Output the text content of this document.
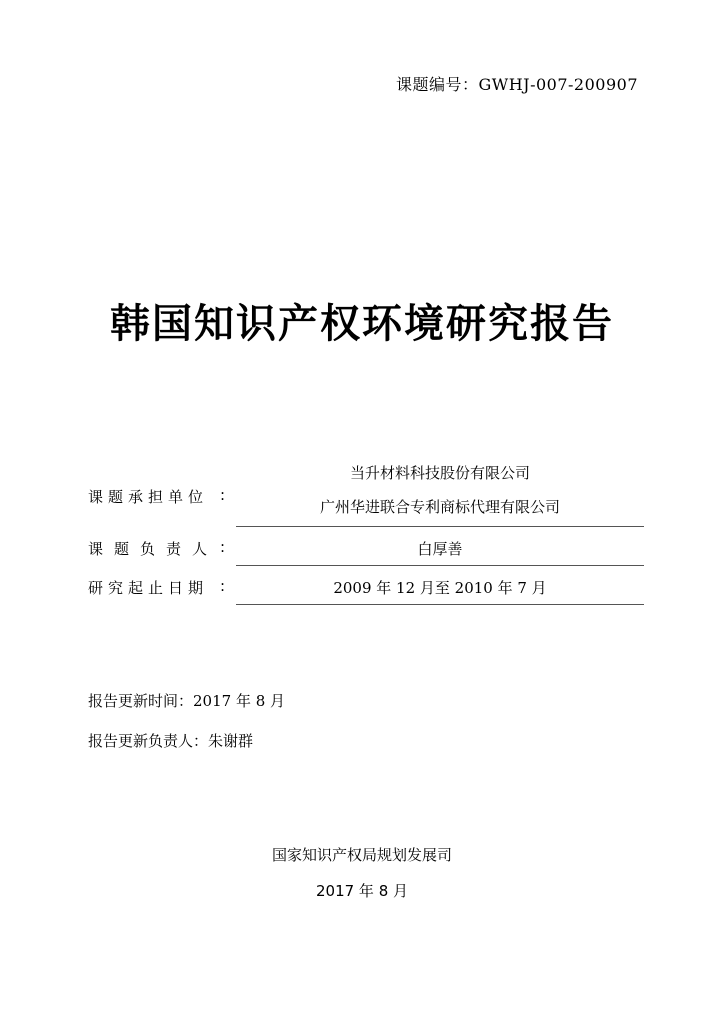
课题编号：GWHJ-007-200907
韩国知识产权环境研究报告
当升材料科技股份有限公司
课题承担单位 :
广州华进联合专利商标代理有限公司
课题负责人 :	白厚善
研究起止日期 :	2009 年 12 月至 2010 年 7 月
报告更新时间：2017 年 8 月
报告更新负责人：朱谢群
国家知识产权局规划发展司
2017 年 8 月
